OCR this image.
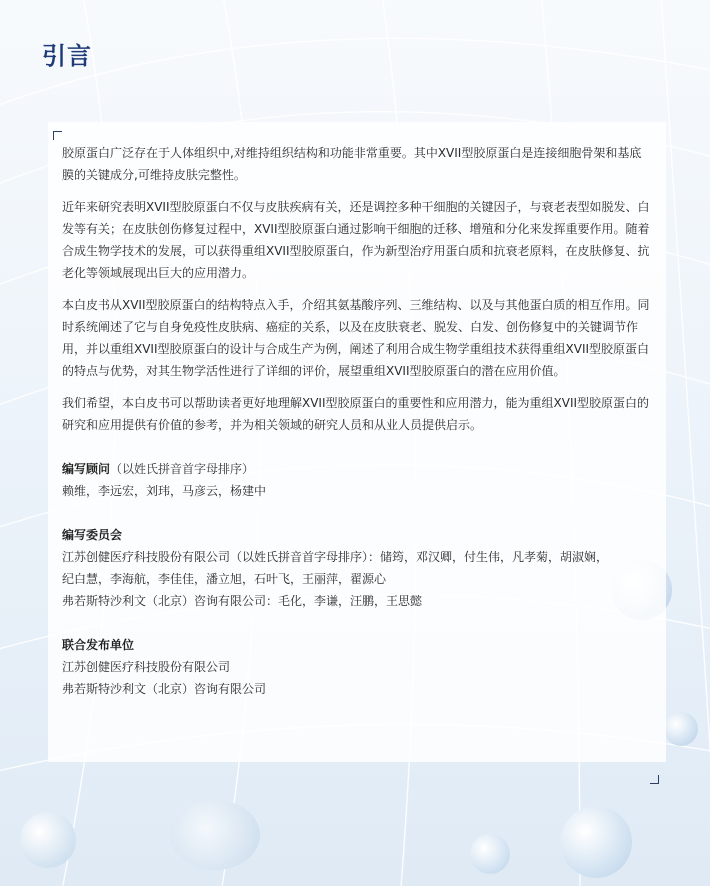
引言

胶原蛋白广泛存在于人体组织中,对维持组织结构和功能非常重要。其中XVII型胶原蛋白是连接细胞骨架和基底膜的关键成分,可维持皮肤完整性。

近年来研究表明XVII型胶原蛋白不仅与皮肤疾病有关，还是调控多种干细胞的关键因子，与衰老表型如脱发、白发等有关；在皮肤创伤修复过程中，XVII型胶原蛋白通过影响干细胞的迁移、增殖和分化来发挥重要作用。随着合成生物学技术的发展，可以获得重组XVII型胶原蛋白，作为新型治疗用蛋白质和抗衰老原料，在皮肤修复、抗老化等领域展现出巨大的应用潜力。

本白皮书从XVII型胶原蛋白的结构特点入手，介绍其氨基酸序列、三维结构、以及与其他蛋白质的相互作用。同时系统阐述了它与自身免疫性皮肤病、癌症的关系，以及在皮肤衰老、脱发、白发、创伤修复中的关键调节作用，并以重组XVII型胶原蛋白的设计与合成生产为例，阐述了利用合成生物学重组技术获得重组XVII型胶原蛋白的特点与优势，对其生物学活性进行了详细的评价，展望重组XVII型胶原蛋白的潜在应用价值。

我们希望，本白皮书可以帮助读者更好地理解XVII型胶原蛋白的重要性和应用潜力，能为重组XVII型胶原蛋白的研究和应用提供有价值的参考，并为相关领域的研究人员和从业人员提供启示。

编写顾问（以姓氏拼音首字母排序）

赖维，李远宏，刘玮，马彦云，杨建中

编写委员会

江苏创健医疗科技股份有限公司（以姓氏拼音首字母排序）：储筠，邓汉卿，付生伟，凡孝菊，胡淑娴，

纪白慧，李海航，李佳佳，潘立旭，石叶飞，王丽萍，翟源心

弗若斯特沙利文（北京）咨询有限公司：毛化，李谦，汪鹏，王思懿

联合发布单位

江苏创健医疗科技股份有限公司

弗若斯特沙利文（北京）咨询有限公司
